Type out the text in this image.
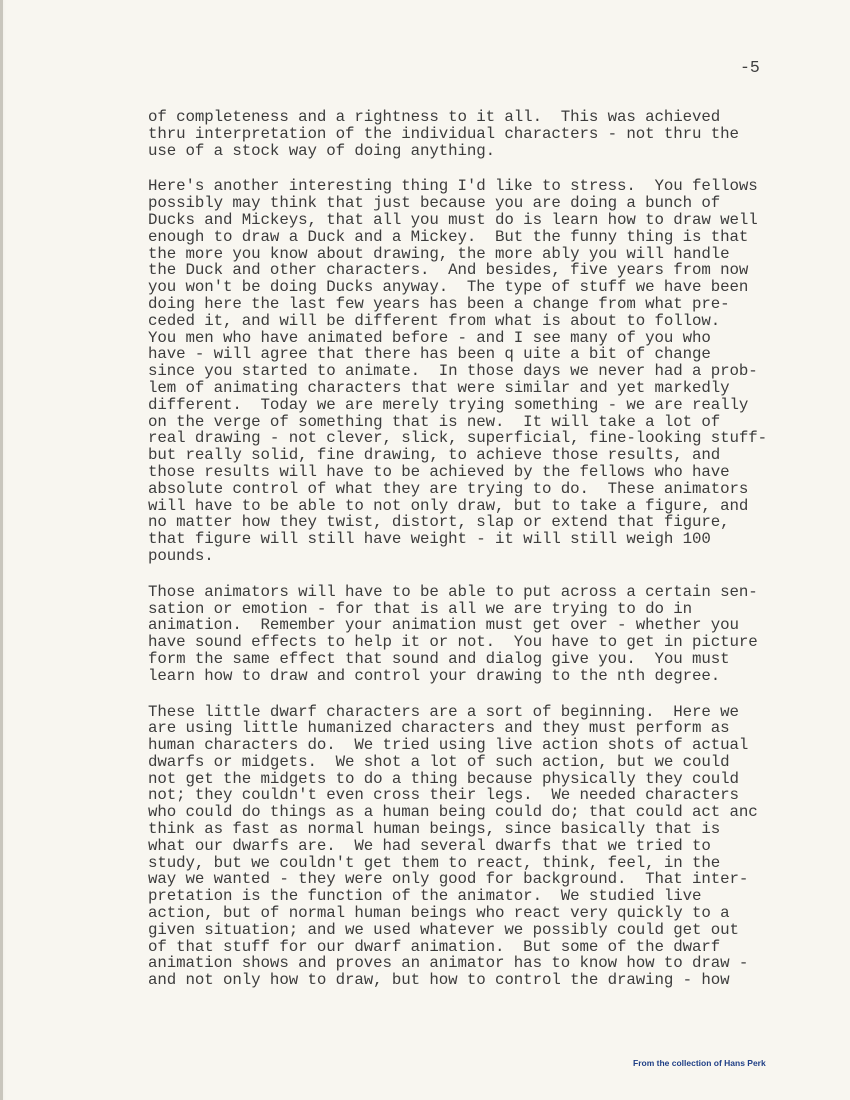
-5
of completeness and a rightness to it all.  This was achieved
thru interpretation of the individual characters - not thru the
use of a stock way of doing anything.
Here's another interesting thing I'd like to stress.  You fellows
possibly may think that just because you are doing a bunch of
Ducks and Mickeys, that all you must do is learn how to draw well
enough to draw a Duck and a Mickey.  But the funny thing is that
the more you know about drawing, the more ably you will handle
the Duck and other characters.  And besides, five years from now
you won't be doing Ducks anyway.  The type of stuff we have been
doing here the last few years has been a change from what pre-
ceded it, and will be different from what is about to follow.
You men who have animated before - and I see many of you who
have - will agree that there has been q uite a bit of change
since you started to animate.  In those days we never had a prob-
lem of animating characters that were similar and yet markedly
different.  Today we are merely trying something - we are really
on the verge of something that is new.  It will take a lot of
real drawing - not clever, slick, superficial, fine-looking stuff-
but really solid, fine drawing, to achieve those results, and
those results will have to be achieved by the fellows who have
absolute control of what they are trying to do.  These animators
will have to be able to not only draw, but to take a figure, and
no matter how they twist, distort, slap or extend that figure,
that figure will still have weight - it will still weigh 100
pounds.
Those animators will have to be able to put across a certain sen-
sation or emotion - for that is all we are trying to do in
animation.  Remember your animation must get over - whether you
have sound effects to help it or not.  You have to get in picture
form the same effect that sound and dialog give you.  You must
learn how to draw and control your drawing to the nth degree.
These little dwarf characters are a sort of beginning.  Here we
are using little humanized characters and they must perform as
human characters do.  We tried using live action shots of actual
dwarfs or midgets.  We shot a lot of such action, but we could
not get the midgets to do a thing because physically they could
not; they couldn't even cross their legs.  We needed characters
who could do things as a human being could do; that could act anc
think as fast as normal human beings, since basically that is
what our dwarfs are.  We had several dwarfs that we tried to
study, but we couldn't get them to react, think, feel, in the
way we wanted - they were only good for background.  That inter-
pretation is the function of the animator.  We studied live
action, but of normal human beings who react very quickly to a
given situation; and we used whatever we possibly could get out
of that stuff for our dwarf animation.  But some of the dwarf
animation shows and proves an animator has to know how to draw -
and not only how to draw, but how to control the drawing - how
From the collection of Hans Perk
